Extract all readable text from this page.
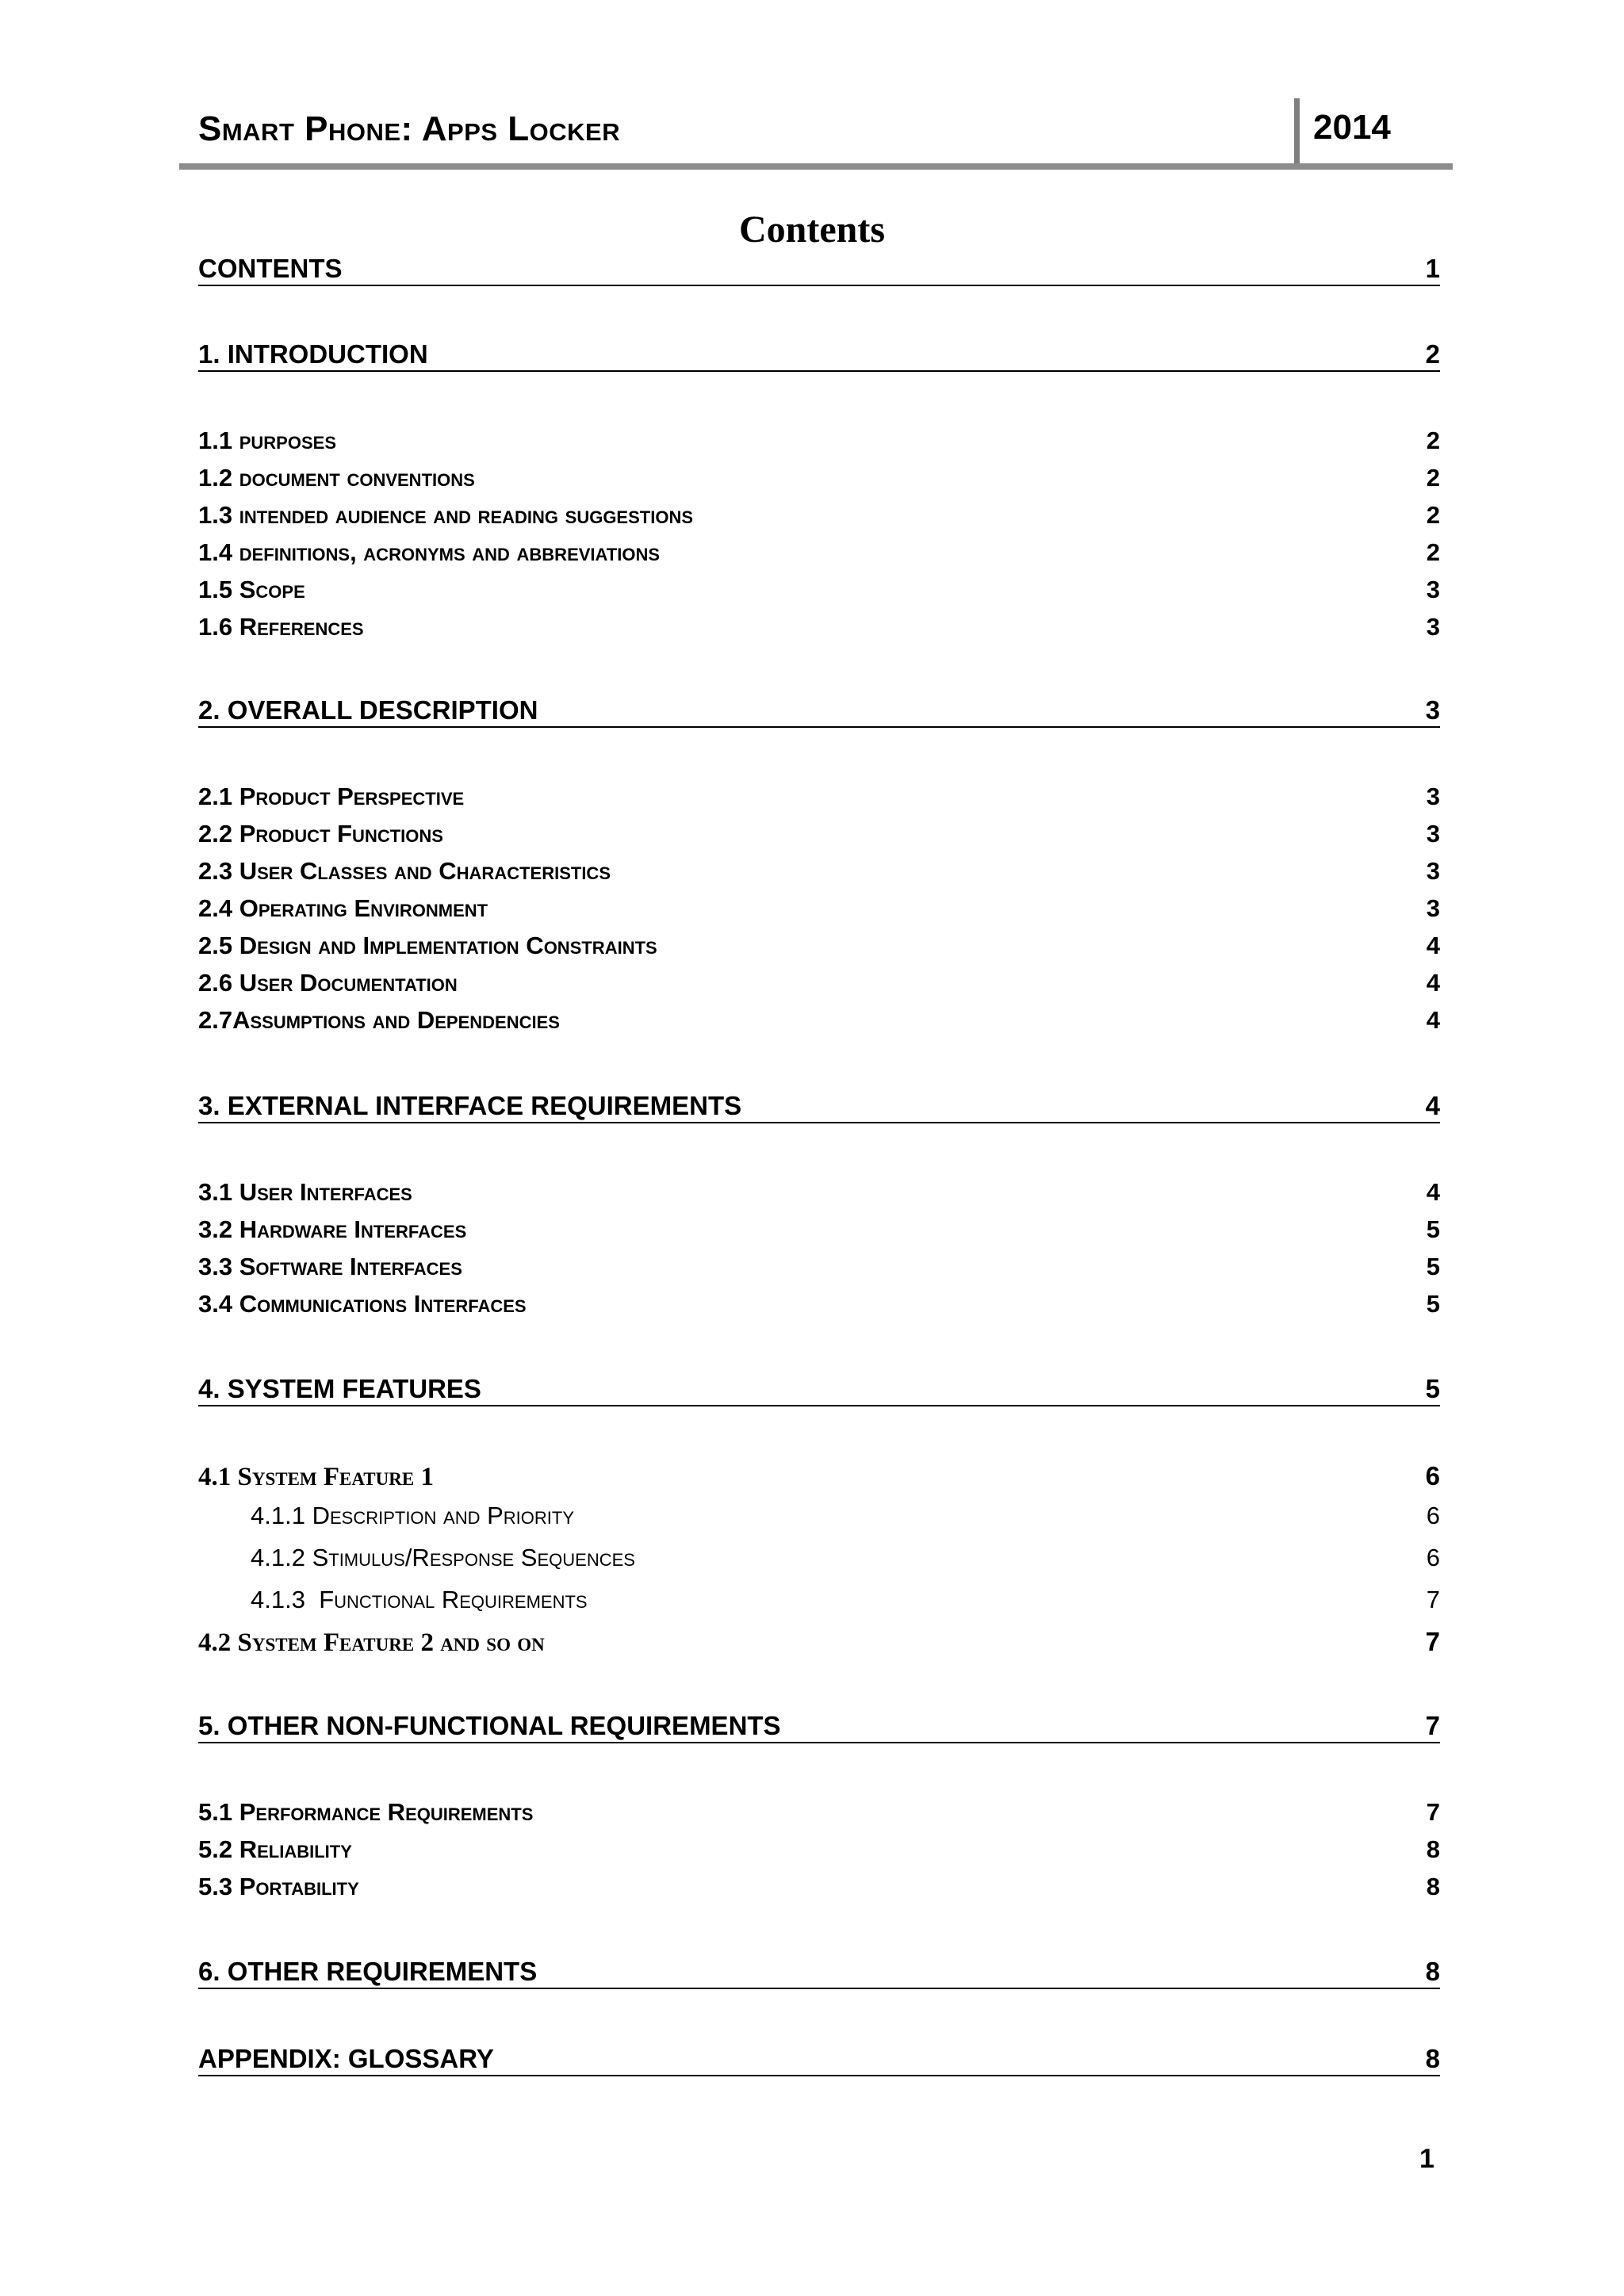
Smart Phone: Apps Locker	2014
Contents
CONTENTS	1
1. INTRODUCTION	2
1.1 purposes	2
1.2 document conventions	2
1.3 intended audience and reading suggestions	2
1.4 definitions, acronyms and abbreviations	2
1.5 Scope	3
1.6 References	3
2. OVERALL DESCRIPTION	3
2.1 Product Perspective	3
2.2 Product Functions	3
2.3 User Classes and Characteristics	3
2.4 Operating Environment	3
2.5 Design and Implementation Constraints	4
2.6 User Documentation	4
2.7Assumptions and Dependencies	4
3. EXTERNAL INTERFACE REQUIREMENTS	4
3.1 User Interfaces	4
3.2 Hardware Interfaces	5
3.3 Software Interfaces	5
3.4 Communications Interfaces	5
4. SYSTEM FEATURES	5
4.1 System Feature 1	6
4.1.1 Description and Priority	6
4.1.2 Stimulus/Response Sequences	6
4.1.3 Functional Requirements	7
4.2 System Feature 2 and so on	7
5. OTHER NON-FUNCTIONAL REQUIREMENTS	7
5.1 Performance Requirements	7
5.2 Reliability	8
5.3 Portability	8
6. OTHER REQUIREMENTS	8
APPENDIX: GLOSSARY	8
1
